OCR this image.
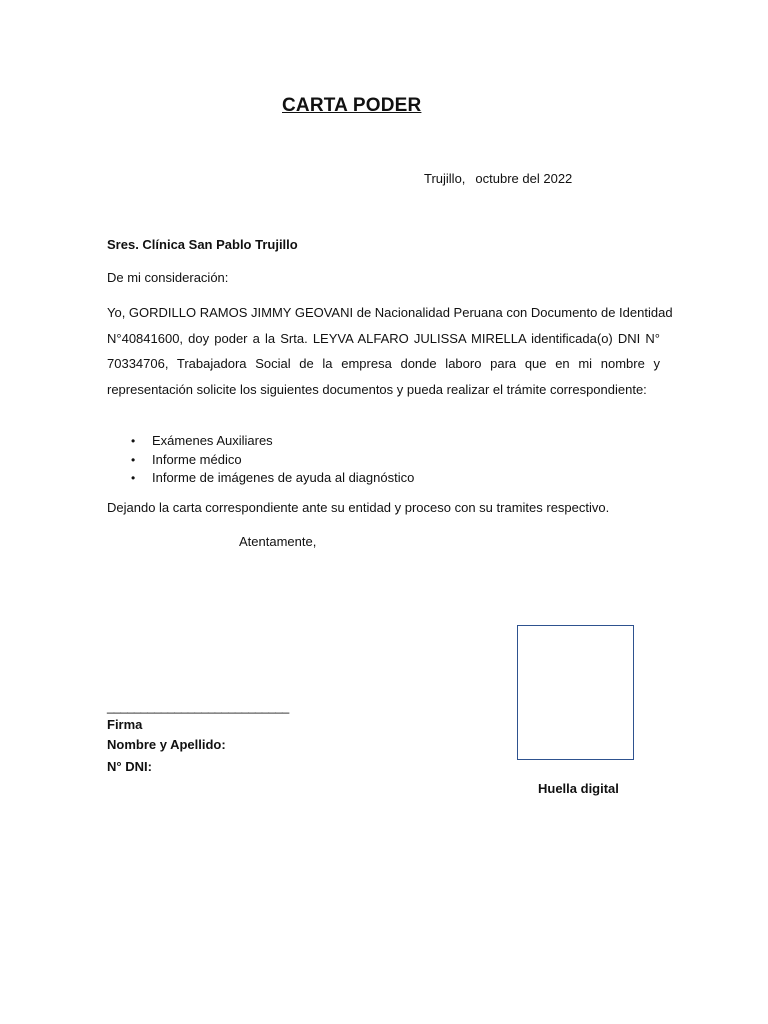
CARTA PODER
Trujillo, octubre del 2022
Sres. Clínica San Pablo Trujillo
De mi consideración:
Yo, GORDILLO RAMOS JIMMY GEOVANI de Nacionalidad Peruana con Documento de Identidad
N°40841600, doy poder a la Srta. LEYVA ALFARO JULISSA MIRELLA identificada(o) DNI N°
70334706, Trabajadora Social de la empresa donde laboro para que en mi nombre y
representación solicite los siguientes documentos y pueda realizar el trámite correspondiente:
• Exámenes Auxiliares
• Informe médico
• Informe de imágenes de ayuda al diagnóstico
Dejando la carta correspondiente ante su entidad y proceso con su tramites respectivo.
Atentamente,
___________________________
Firma
Nombre y Apellido:
N° DNI:
Huella digital
